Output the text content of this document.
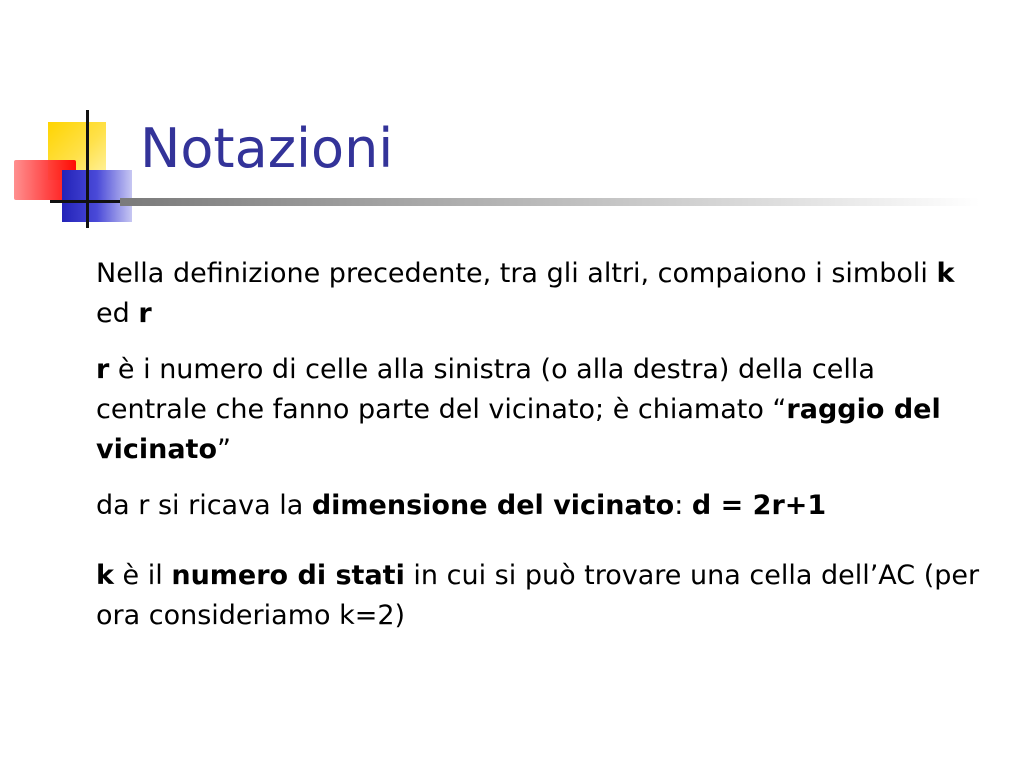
Notazioni

Nella definizione precedente, tra gli altri, compaiono i simboli k ed r

r è i numero di celle alla sinistra (o alla destra) della cella centrale che fanno parte del vicinato; è chiamato “raggio del vicinato”

da r si ricava la dimensione del vicinato: d = 2r+1

k è il numero di stati in cui si può trovare una cella dell’AC (per ora consideriamo k=2)
